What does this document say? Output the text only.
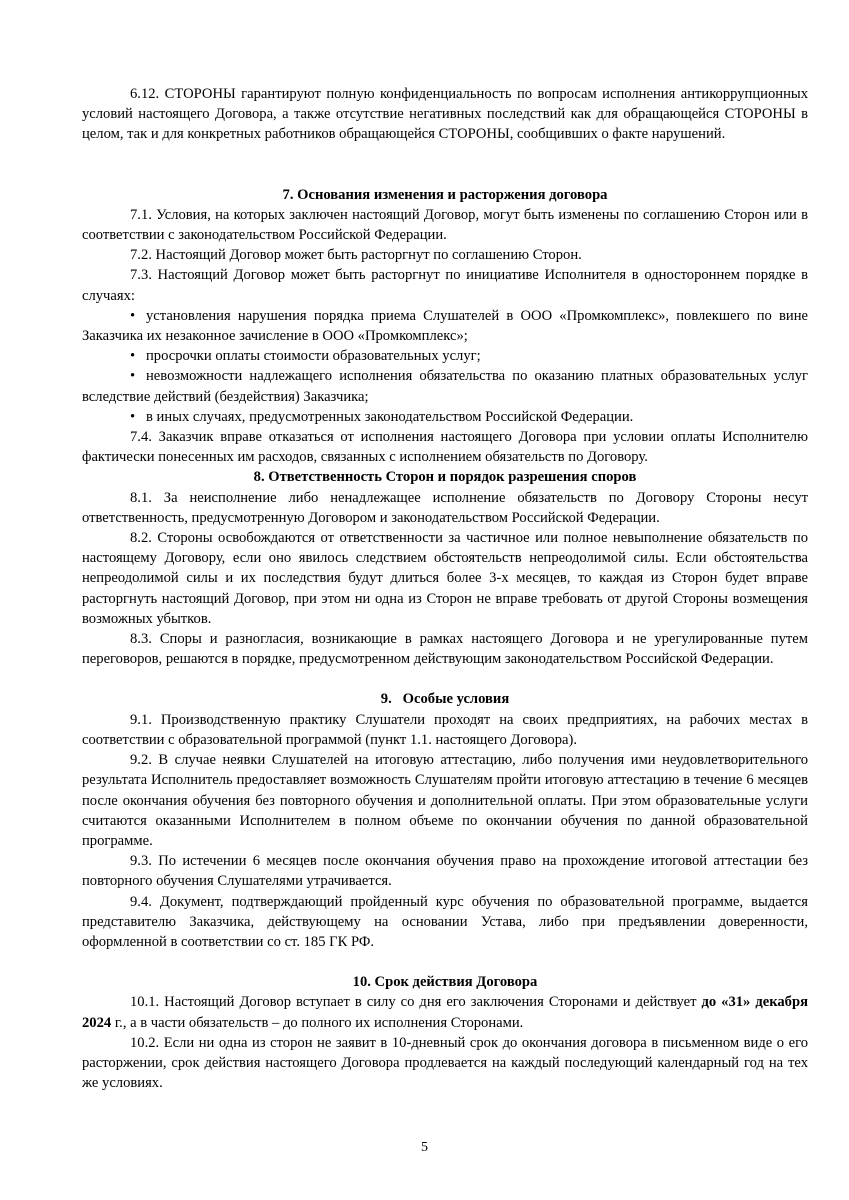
6.12. СТОРОНЫ гарантируют полную конфиденциальность по вопросам исполнения антикоррупционных условий настоящего Договора, а также отсутствие негативных последствий как для обращающейся СТОРОНЫ в целом, так и для конкретных работников обращающейся СТОРОНЫ, сообщивших о факте нарушений.

7. Основания изменения и расторжения договора

7.1. Условия, на которых заключен настоящий Договор, могут быть изменены по соглашению Сторон или в соответствии с законодательством Российской Федерации.

7.2. Настоящий Договор может быть расторгнут по соглашению Сторон.

7.3. Настоящий Договор может быть расторгнут по инициативе Исполнителя в одностороннем порядке в случаях:

• установления нарушения порядка приема Слушателей в ООО «Промкомплекс», повлекшего по вине Заказчика их незаконное зачисление в ООО «Промкомплекс»;

• просрочки оплаты стоимости образовательных услуг;

• невозможности надлежащего исполнения обязательства по оказанию платных образовательных услуг вследствие действий (бездействия) Заказчика;

• в иных случаях, предусмотренных законодательством Российской Федерации.

7.4. Заказчик вправе отказаться от исполнения настоящего Договора при условии оплаты Исполнителю фактически понесенных им расходов, связанных с исполнением обязательств по Договору.

8. Ответственность Сторон и порядок разрешения споров

8.1. За неисполнение либо ненадлежащее исполнение обязательств по Договору Стороны несут ответственность, предусмотренную Договором и законодательством Российской Федерации.

8.2. Стороны освобождаются от ответственности за частичное или полное невыполнение обязательств по настоящему Договору, если оно явилось следствием обстоятельств непреодолимой силы. Если обстоятельства непреодолимой силы и их последствия будут длиться более 3-х месяцев, то каждая из Сторон будет вправе расторгнуть настоящий Договор, при этом ни одна из Сторон не вправе требовать от другой Стороны возмещения возможных убытков.

8.3. Споры и разногласия, возникающие в рамках настоящего Договора и не урегулированные путем переговоров, решаются в порядке, предусмотренном действующим законодательством Российской Федерации.

9.   Особые условия

9.1. Производственную практику Слушатели проходят на своих предприятиях, на рабочих местах в соответствии с образовательной программой (пункт 1.1. настоящего Договора).

9.2. В случае неявки Слушателей на итоговую аттестацию, либо получения ими неудовлетворительного результата Исполнитель предоставляет возможность Слушателям пройти итоговую аттестацию в течение 6 месяцев после окончания обучения без повторного обучения и дополнительной оплаты. При этом образовательные услуги считаются оказанными Исполнителем в полном объеме по окончании обучения по данной образовательной программе.

9.3. По истечении 6 месяцев после окончания обучения право на прохождение итоговой аттестации без повторного обучения Слушателями утрачивается.

9.4. Документ, подтверждающий пройденный курс обучения по образовательной программе, выдается представителю Заказчика, действующему на основании Устава, либо при предъявлении доверенности, оформленной в соответствии со ст. 185 ГК РФ.

10. Срок действия Договора

10.1. Настоящий Договор вступает в силу со дня его заключения Сторонами и действует до «31» декабря 2024 г., а в части обязательств – до полного их исполнения Сторонами.

10.2. Если ни одна из сторон не заявит в 10-дневный срок до окончания договора в письменном виде о его расторжении, срок действия настоящего Договора продлевается на каждый последующий календарный год на тех же условиях.

5
